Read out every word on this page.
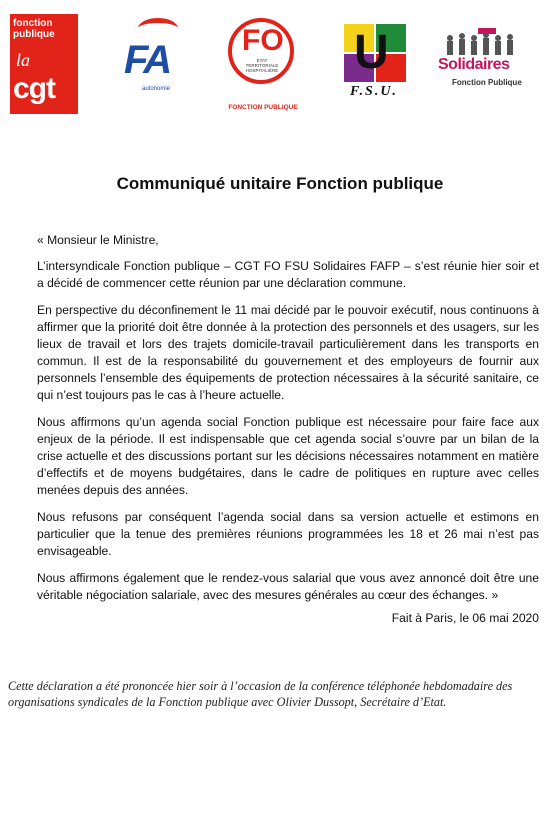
fonction
publique
la
cgt
FA
autonomie
FO
ÉTAT TERRITORIALE HOSPITALIÈRE
FONCTION PUBLIQUE
U
F.S.U.
Solidaires
Fonction Publique
Communiqué unitaire Fonction publique

« Monsieur le Ministre,

L’intersyndicale Fonction publique – CGT FO FSU Solidaires FAFP – s’est réunie hier soir et a décidé de commencer cette réunion par une déclaration commune.

En perspective du déconfinement le 11 mai décidé par le pouvoir exécutif, nous continuons à affirmer que la priorité doit être donnée à la protection des personnels et des usagers, sur les lieux de travail et lors des trajets domicile-travail particulièrement dans les transports en commun. Il est de la responsabilité du gouvernement et des employeurs de fournir aux personnels l’ensemble des équipements de protection nécessaires à la sécurité sanitaire, ce qui n’est toujours pas le cas à l’heure actuelle.

Nous affirmons qu’un agenda social Fonction publique est nécessaire pour faire face aux enjeux de la période. Il est indispensable que cet agenda social s’ouvre par un bilan de la crise actuelle et des discussions portant sur les décisions nécessaires notamment en matière d’effectifs et de moyens budgétaires, dans le cadre de politiques en rupture avec celles menées depuis des années.

Nous refusons par conséquent l’agenda social dans sa version actuelle et estimons en particulier que la tenue des premières réunions programmées les 18 et 26 mai n’est pas envisageable.

Nous affirmons également que le rendez-vous salarial que vous avez annoncé doit être une véritable négociation salariale, avec des mesures générales au cœur des échanges. »

Fait à Paris, le 06 mai 2020
Cette déclaration a été prononcée hier soir à l’occasion de la conférence téléphonée hebdomadaire des organisations syndicales de la Fonction publique avec Olivier Dussopt, Secrétaire d’Etat.
